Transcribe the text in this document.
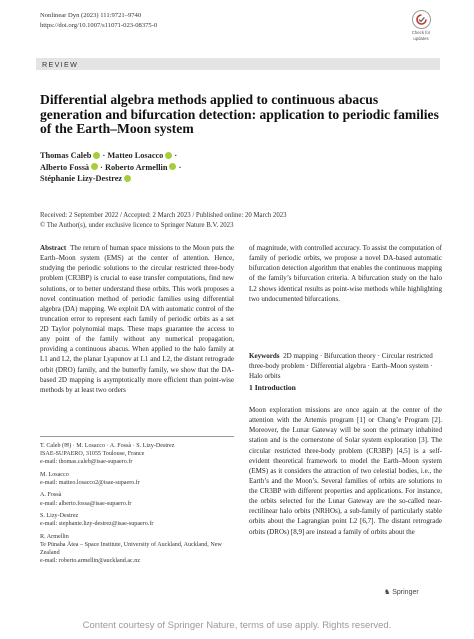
Nonlinear Dyn (2023) 111:9721–9740
https://doi.org/10.1007/s11071-023-08375-0
Check for
updates
REVIEW
Differential algebra methods applied to continuous abacus generation and bifurcation detection: application to periodic families of the Earth–Moon system
Thomas Caleb · Matteo Losacco ·
Alberto Fossà · Roberto Armellin ·
Stéphanie Lizy-Destrez
Received: 2 September 2022 / Accepted: 2 March 2023 / Published online: 20 March 2023
© The Author(s), under exclusive licence to Springer Nature B.V. 2023

Abstract The return of human space missions to the Moon puts the Earth–Moon system (EMS) at the center of attention. Hence, studying the periodic solutions to the circular restricted three-body problem (CR3BP) is crucial to ease transfer computations, find new solutions, or to better understand these orbits. This work proposes a novel continuation method of periodic families using differential algebra (DA) mapping. We exploit DA with automatic control of the truncation error to represent each family of periodic orbits as a set 2D Taylor polynomial maps. These maps guarantee the access to any point of the family without any numerical propagation, providing a continuous abacus. When applied to the halo family at L1 and L2, the planar Lyapunov at L1 and L2, the distant retrograde orbit (DRO) family, and the butterfly family, we show that the DA-based 2D mapping is asymptotically more efficient than point-wise methods by at least two orders

T. Caleb (✉) · M. Losacco · A. Fossà · S. Lizy-Destrez
ISAE-SUPAERO, 31055 Toulouse, France
e-mail: thomas.caleb@isae-supaero.fr
M. Losacco
e-mail: matteo.losacco2@isae-supaero.fr
A. Fossà
e-mail: alberto.fossa@isae-supaero.fr
S. Lizy-Destrez
e-mail: stephanie.lizy-destrez@isae-supaero.fr
R. Armellin
Te Pūnaha Ātea – Space Institute, University of Auckland, Auckland, New Zealand
e-mail: roberto.armellin@auckland.ac.nz

of magnitude, with controlled accuracy. To assist the computation of family of periodic orbits, we propose a novel DA-based automatic bifurcation detection algorithm that enables the continuous mapping of the family’s bifurcation criteria. A bifurcation study on the halo L2 shows identical results as point-wise methods while highlighting two undocumented bifurcations.

Keywords 2D mapping · Bifurcation theory · Circular restricted three-body problem · Differential algebra · Earth–Moon system · Halo orbits
1 Introduction

Moon exploration missions are once again at the center of the attention with the Artemis program [1] or Chang’e Program [2]. Moreover, the Lunar Gateway will be soon the primary inhabited station and is the cornerstone of Solar system exploration [3]. The circular restricted three-body problem (CR3BP) [4,5] is a self-evident theoretical framework to model the Earth–Moon system (EMS) as it considers the attraction of two celestial bodies, i.e., the Earth’s and the Moon’s. Several families of orbits are solutions to the CR3BP with different properties and applications. For instance, the orbits selected for the Lunar Gateway are the so-called near-rectilinear halo orbits (NRHOs), a sub-family of particularly stable orbits about the Lagrangian point L2 [6,7]. The distant retrograde orbits (DROs) [8,9] are instead a family of orbits about the

♞ Springer
Content courtesy of Springer Nature, terms of use apply. Rights reserved.
